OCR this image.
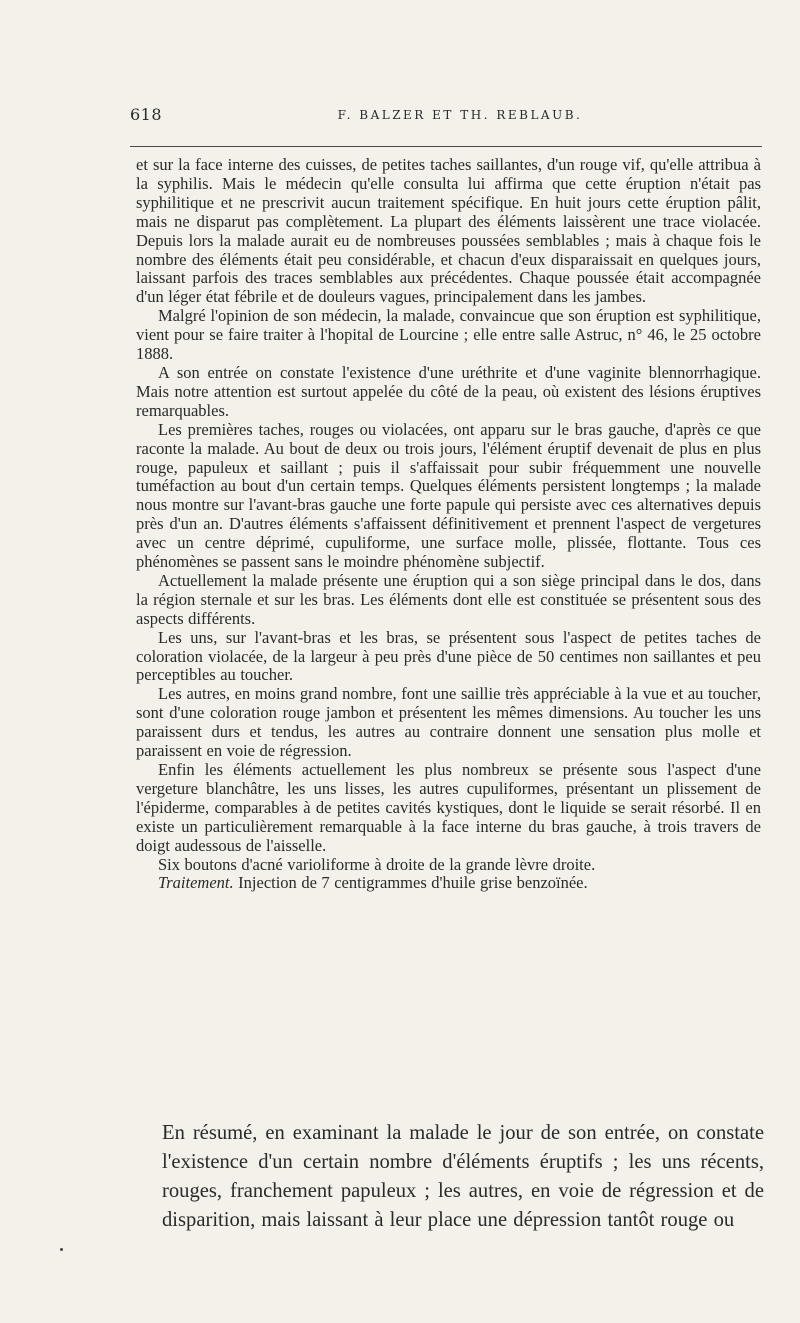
618	F. BALZER ET TH. REBLAUB.

et sur la face interne des cuisses, de petites taches saillantes, d'un rouge vif, qu'elle attribua à la syphilis. Mais le médecin qu'elle consulta lui affirma que cette éruption n'était pas syphilitique et ne prescrivit aucun traitement spécifique. En huit jours cette éruption pâlit, mais ne disparut pas complètement. La plupart des éléments laissèrent une trace violacée. Depuis lors la malade aurait eu de nombreuses poussées semblables ; mais à chaque fois le nombre des éléments était peu considérable, et chacun d'eux disparaissait en quelques jours, laissant parfois des traces semblables aux précédentes. Chaque poussée était accompagnée d'un léger état fébrile et de douleurs vagues, principalement dans les jambes.

Malgré l'opinion de son médecin, la malade, convaincue que son éruption est syphilitique, vient pour se faire traiter à l'hopital de Lourcine ; elle entre salle Astruc, n° 46, le 25 octobre 1888.

A son entrée on constate l'existence d'une uréthrite et d'une vaginite blennorrhagique. Mais notre attention est surtout appelée du côté de la peau, où existent des lésions éruptives remarquables.

Les premières taches, rouges ou violacées, ont apparu sur le bras gauche, d'après ce que raconte la malade. Au bout de deux ou trois jours, l'élément éruptif devenait de plus en plus rouge, papuleux et saillant ; puis il s'affaissait pour subir fréquemment une nouvelle tuméfaction au bout d'un certain temps. Quelques éléments persistent longtemps ; la malade nous montre sur l'avant-bras gauche une forte papule qui persiste avec ces alternatives depuis près d'un an. D'autres éléments s'affaissent définitivement et prennent l'aspect de vergetures avec un centre déprimé, cupuliforme, une surface molle, plissée, flottante. Tous ces phénomènes se passent sans le moindre phénomène subjectif.

Actuellement la malade présente une éruption qui a son siège principal dans le dos, dans la région sternale et sur les bras. Les éléments dont elle est constituée se présentent sous des aspects différents.

Les uns, sur l'avant-bras et les bras, se présentent sous l'aspect de petites taches de coloration violacée, de la largeur à peu près d'une pièce de 50 centimes non saillantes et peu perceptibles au toucher.

Les autres, en moins grand nombre, font une saillie très appréciable à la vue et au toucher, sont d'une coloration rouge jambon et présentent les mêmes dimensions. Au toucher les uns paraissent durs et tendus, les autres au contraire donnent une sensation plus molle et paraissent en voie de régression.

Enfin les éléments actuellement les plus nombreux se présente sous l'aspect d'une vergeture blanchâtre, les uns lisses, les autres cupuliformes, présentant un plissement de l'épiderme, comparables à de petites cavités kystiques, dont le liquide se serait résorbé. Il en existe un particulièrement remarquable à la face interne du bras gauche, à trois travers de doigt audessous de l'aisselle.

Six boutons d'acné varioliforme à droite de la grande lèvre droite.

Traitement. Injection de 7 centigrammes d'huile grise benzoïnée.

En résumé, en examinant la malade le jour de son entrée, on constate l'existence d'un certain nombre d'éléments éruptifs ; les uns récents, rouges, franchement papuleux ; les autres, en voie de régression et de disparition, mais laissant à leur place une dépression tantôt rouge ou
